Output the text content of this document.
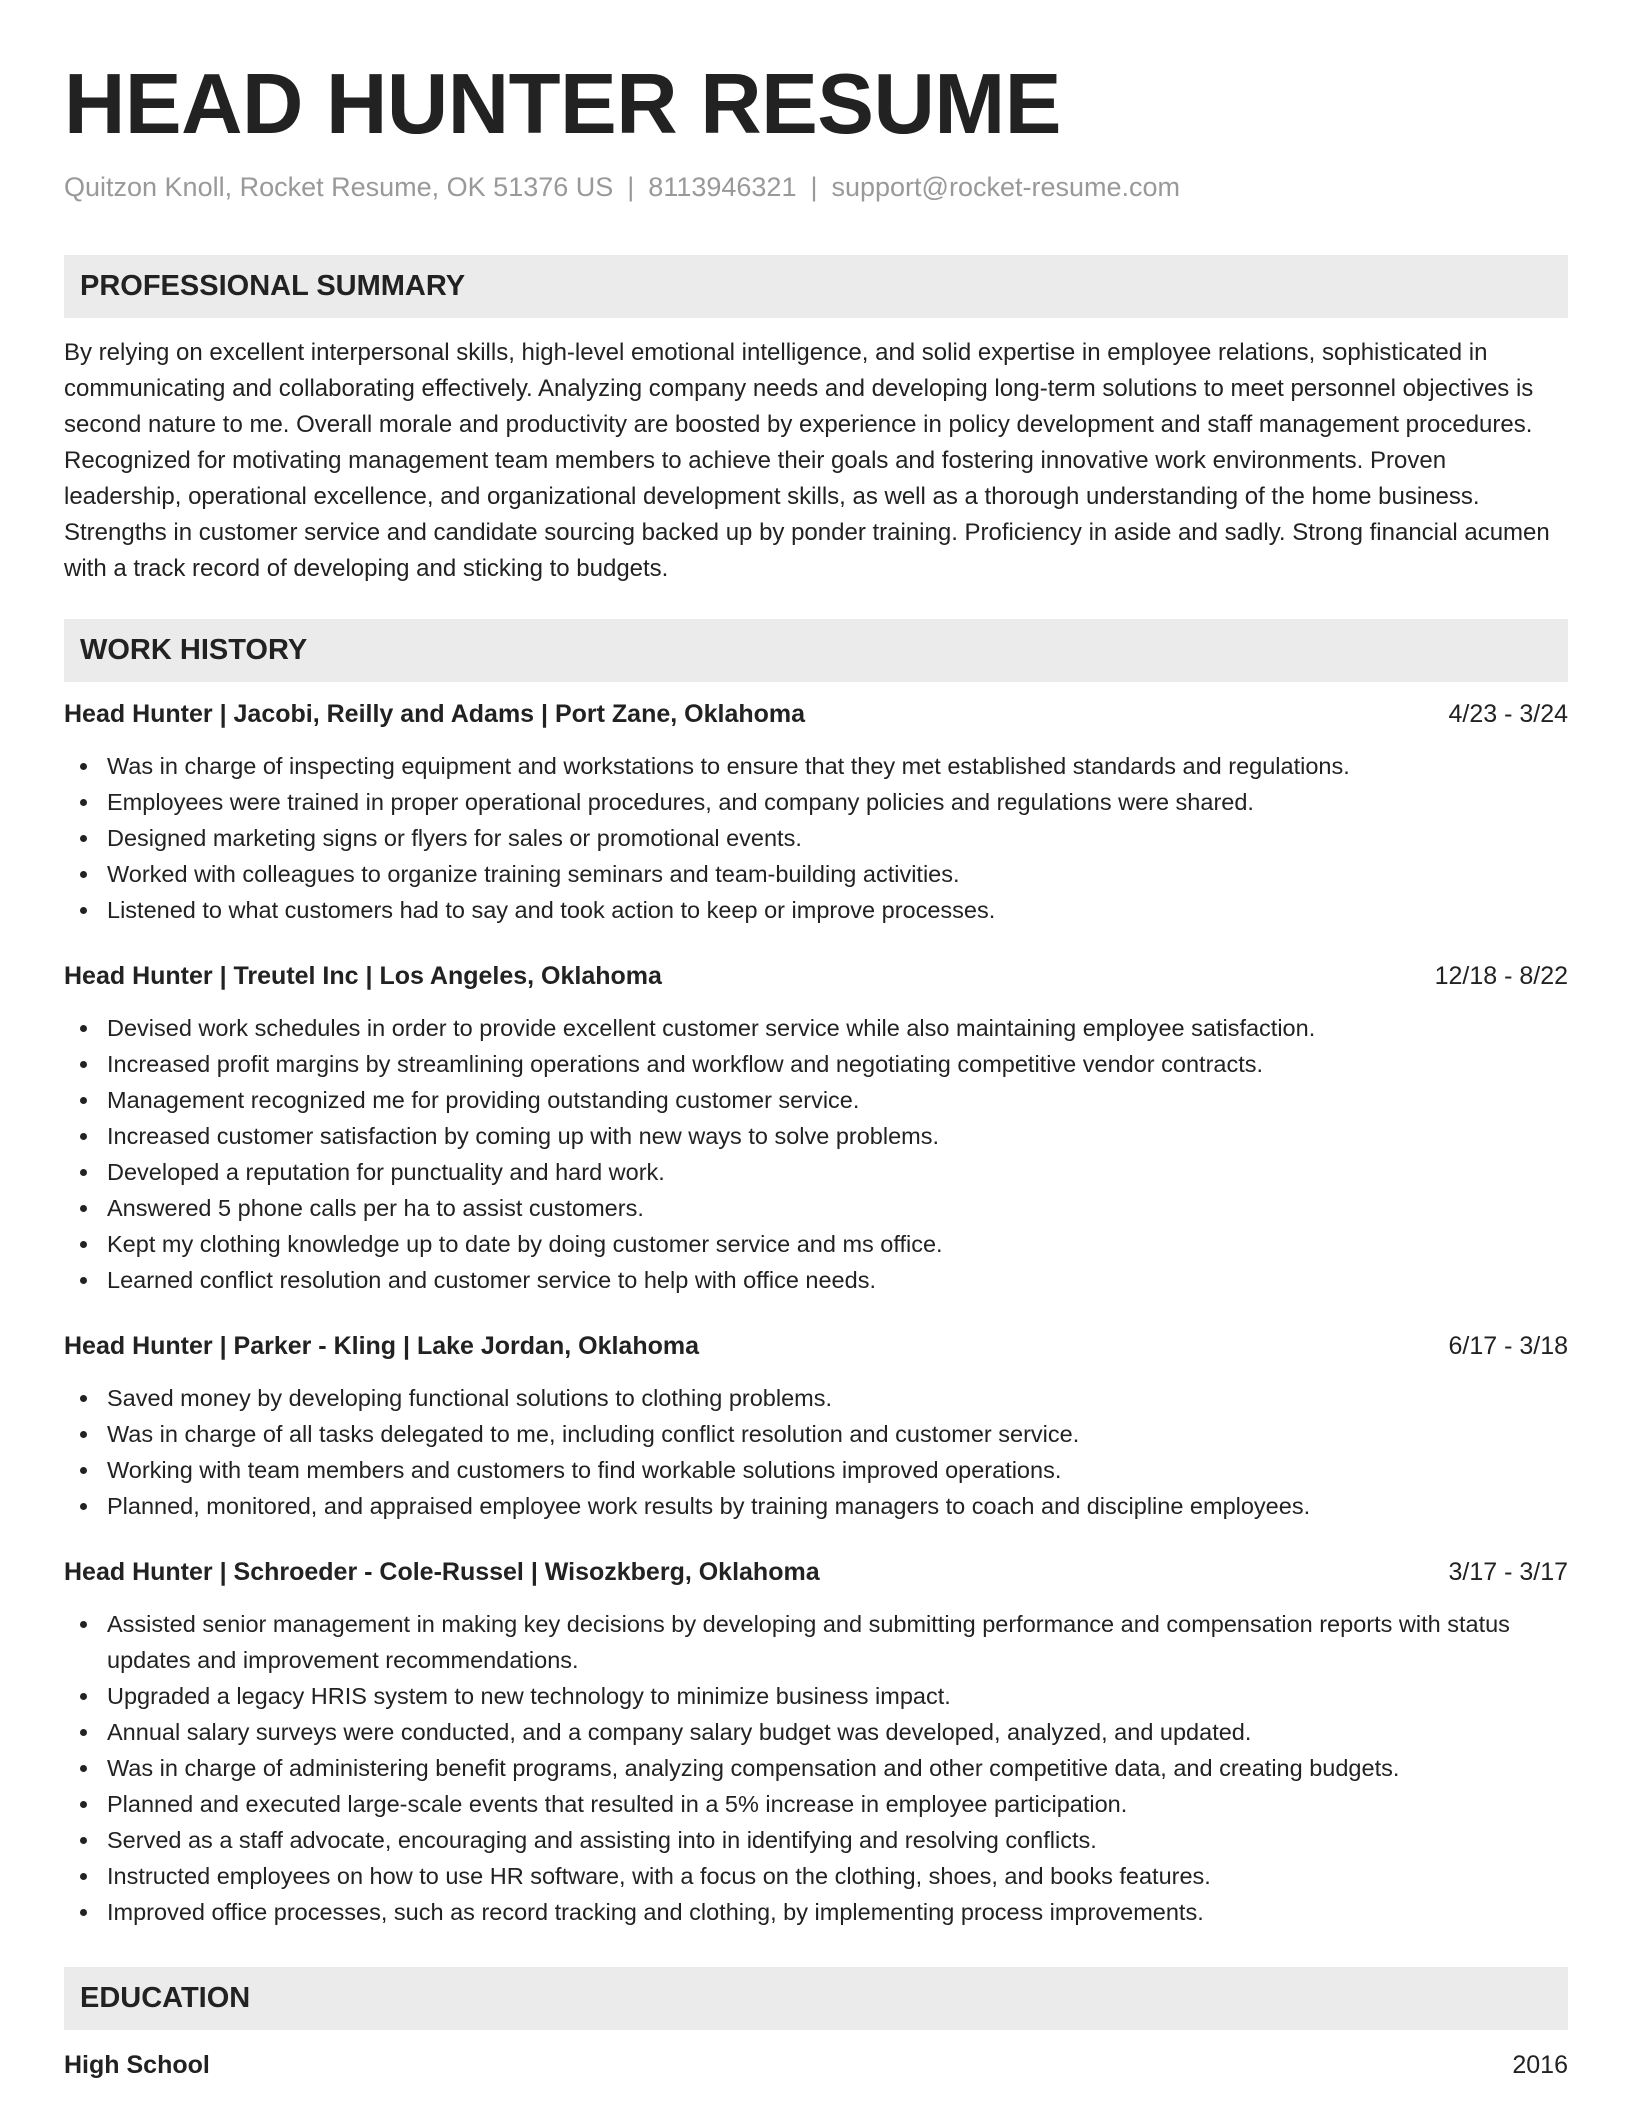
HEAD HUNTER RESUME
Quitzon Knoll, Rocket Resume, OK 51376 US | 8113946321 | support@rocket-resume.com
PROFESSIONAL SUMMARY
By relying on excellent interpersonal skills, high-level emotional intelligence, and solid expertise in employee relations, sophisticated in communicating and collaborating effectively. Analyzing company needs and developing long-term solutions to meet personnel objectives is second nature to me. Overall morale and productivity are boosted by experience in policy development and staff management procedures. Recognized for motivating management team members to achieve their goals and fostering innovative work environments. Proven leadership, operational excellence, and organizational development skills, as well as a thorough understanding of the home business. Strengths in customer service and candidate sourcing backed up by ponder training. Proficiency in aside and sadly. Strong financial acumen with a track record of developing and sticking to budgets.
WORK HISTORY
Head Hunter | Jacobi, Reilly and Adams | Port Zane, Oklahoma	4/23 - 3/24
Was in charge of inspecting equipment and workstations to ensure that they met established standards and regulations.
Employees were trained in proper operational procedures, and company policies and regulations were shared.
Designed marketing signs or flyers for sales or promotional events.
Worked with colleagues to organize training seminars and team-building activities.
Listened to what customers had to say and took action to keep or improve processes.
Head Hunter | Treutel Inc | Los Angeles, Oklahoma	12/18 - 8/22
Devised work schedules in order to provide excellent customer service while also maintaining employee satisfaction.
Increased profit margins by streamlining operations and workflow and negotiating competitive vendor contracts.
Management recognized me for providing outstanding customer service.
Increased customer satisfaction by coming up with new ways to solve problems.
Developed a reputation for punctuality and hard work.
Answered 5 phone calls per ha to assist customers.
Kept my clothing knowledge up to date by doing customer service and ms office.
Learned conflict resolution and customer service to help with office needs.
Head Hunter | Parker - Kling | Lake Jordan, Oklahoma	6/17 - 3/18
Saved money by developing functional solutions to clothing problems.
Was in charge of all tasks delegated to me, including conflict resolution and customer service.
Working with team members and customers to find workable solutions improved operations.
Planned, monitored, and appraised employee work results by training managers to coach and discipline employees.
Head Hunter | Schroeder - Cole-Russel | Wisozkberg, Oklahoma	3/17 - 3/17
Assisted senior management in making key decisions by developing and submitting performance and compensation reports with status updates and improvement recommendations.
Upgraded a legacy HRIS system to new technology to minimize business impact.
Annual salary surveys were conducted, and a company salary budget was developed, analyzed, and updated.
Was in charge of administering benefit programs, analyzing compensation and other competitive data, and creating budgets.
Planned and executed large-scale events that resulted in a 5% increase in employee participation.
Served as a staff advocate, encouraging and assisting into in identifying and resolving conflicts.
Instructed employees on how to use HR software, with a focus on the clothing, shoes, and books features.
Improved office processes, such as record tracking and clothing, by implementing process improvements.
EDUCATION
High School	2016
